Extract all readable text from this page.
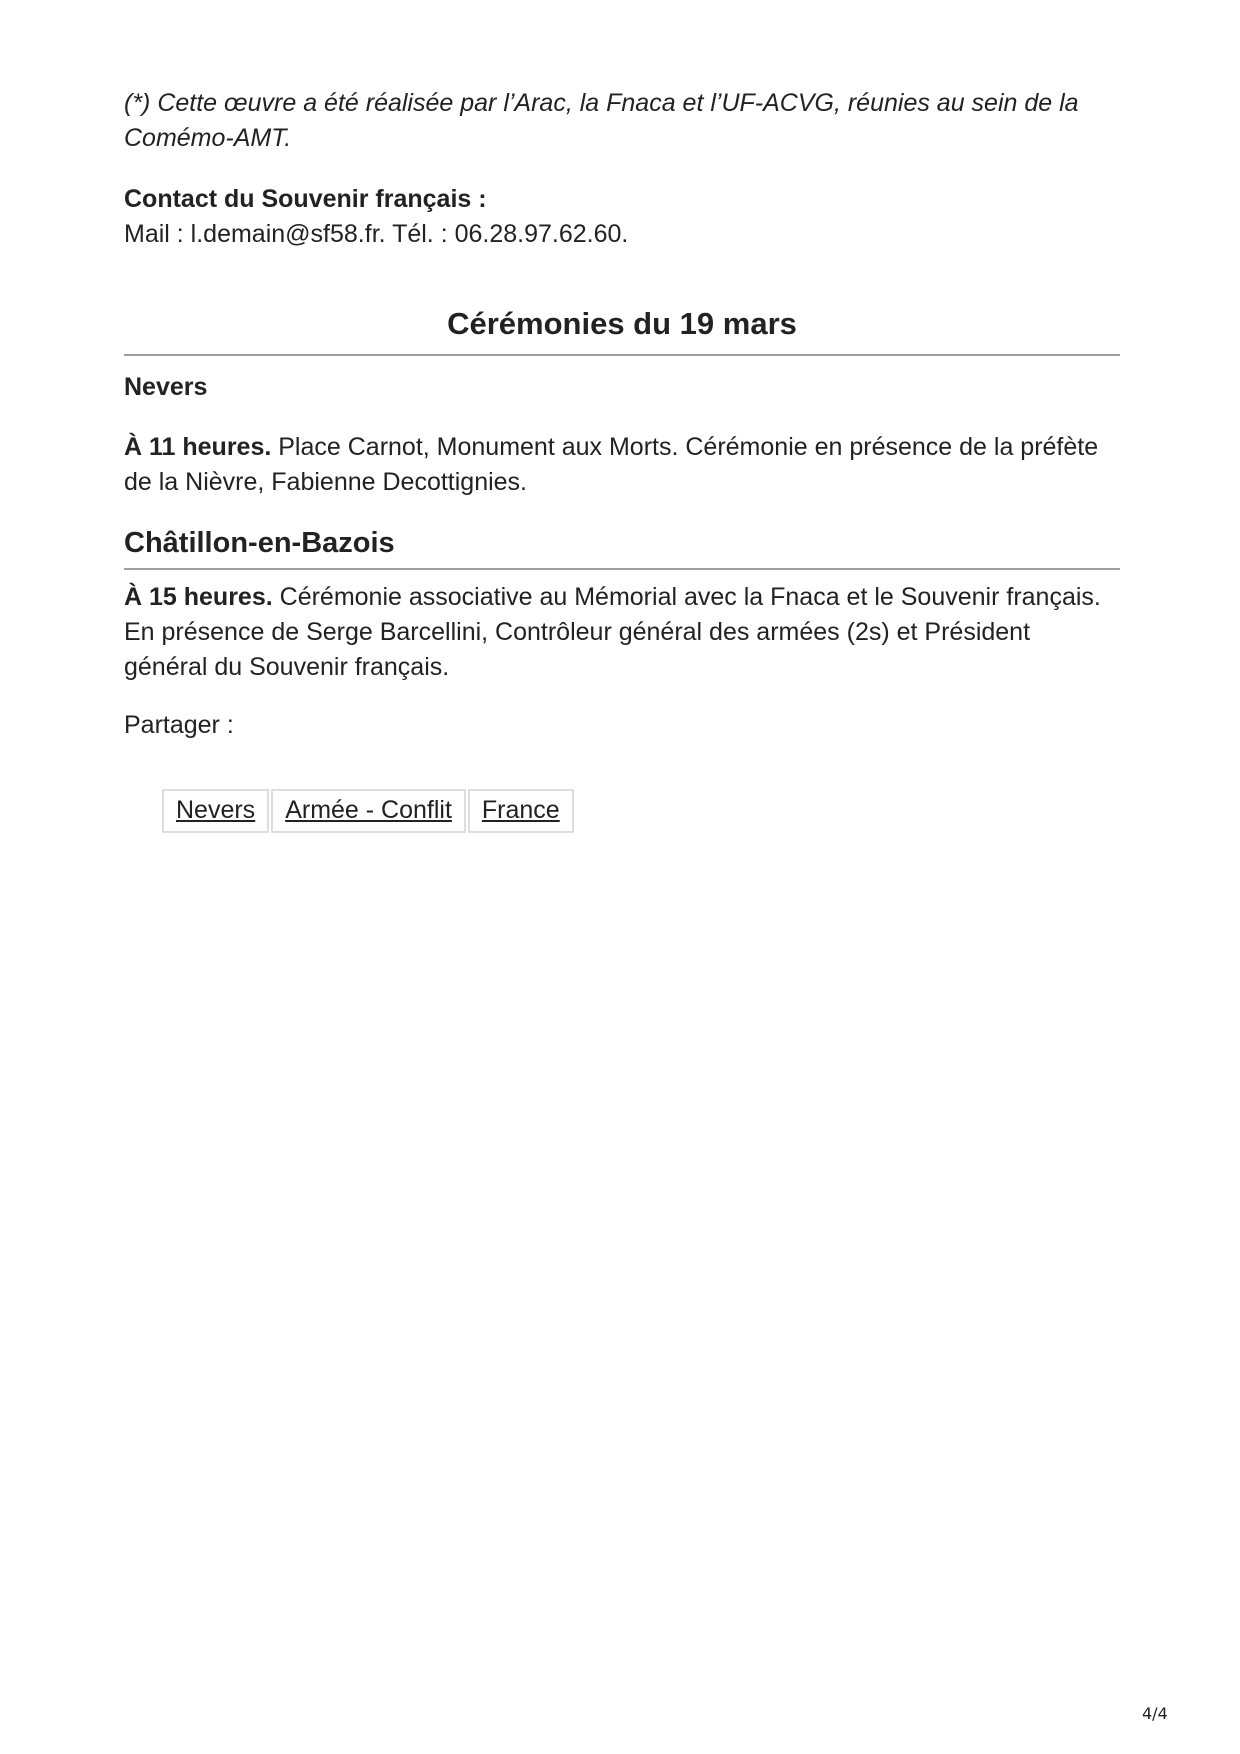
(*) Cette œuvre a été réalisée par l’Arac, la Fnaca et l’UF-ACVG, réunies au sein de la Comémo-AMT.

Contact du Souvenir français :

Mail : l.demain@sf58.fr. Tél. : 06.28.97.62.60.

Cérémonies du 19 mars
Nevers

À 11 heures. Place Carnot, Monument aux Morts. Cérémonie en présence de la préfète de la Nièvre, Fabienne Decottignies.

Châtillon-en-Bazois

À 15 heures. Cérémonie associative au Mémorial avec la Fnaca et le Souvenir français. En présence de Serge Barcellini, Contrôleur général des armées (2s) et Président général du Souvenir français.

Partager :

Nevers	Armée - Conflit	France
4/4
